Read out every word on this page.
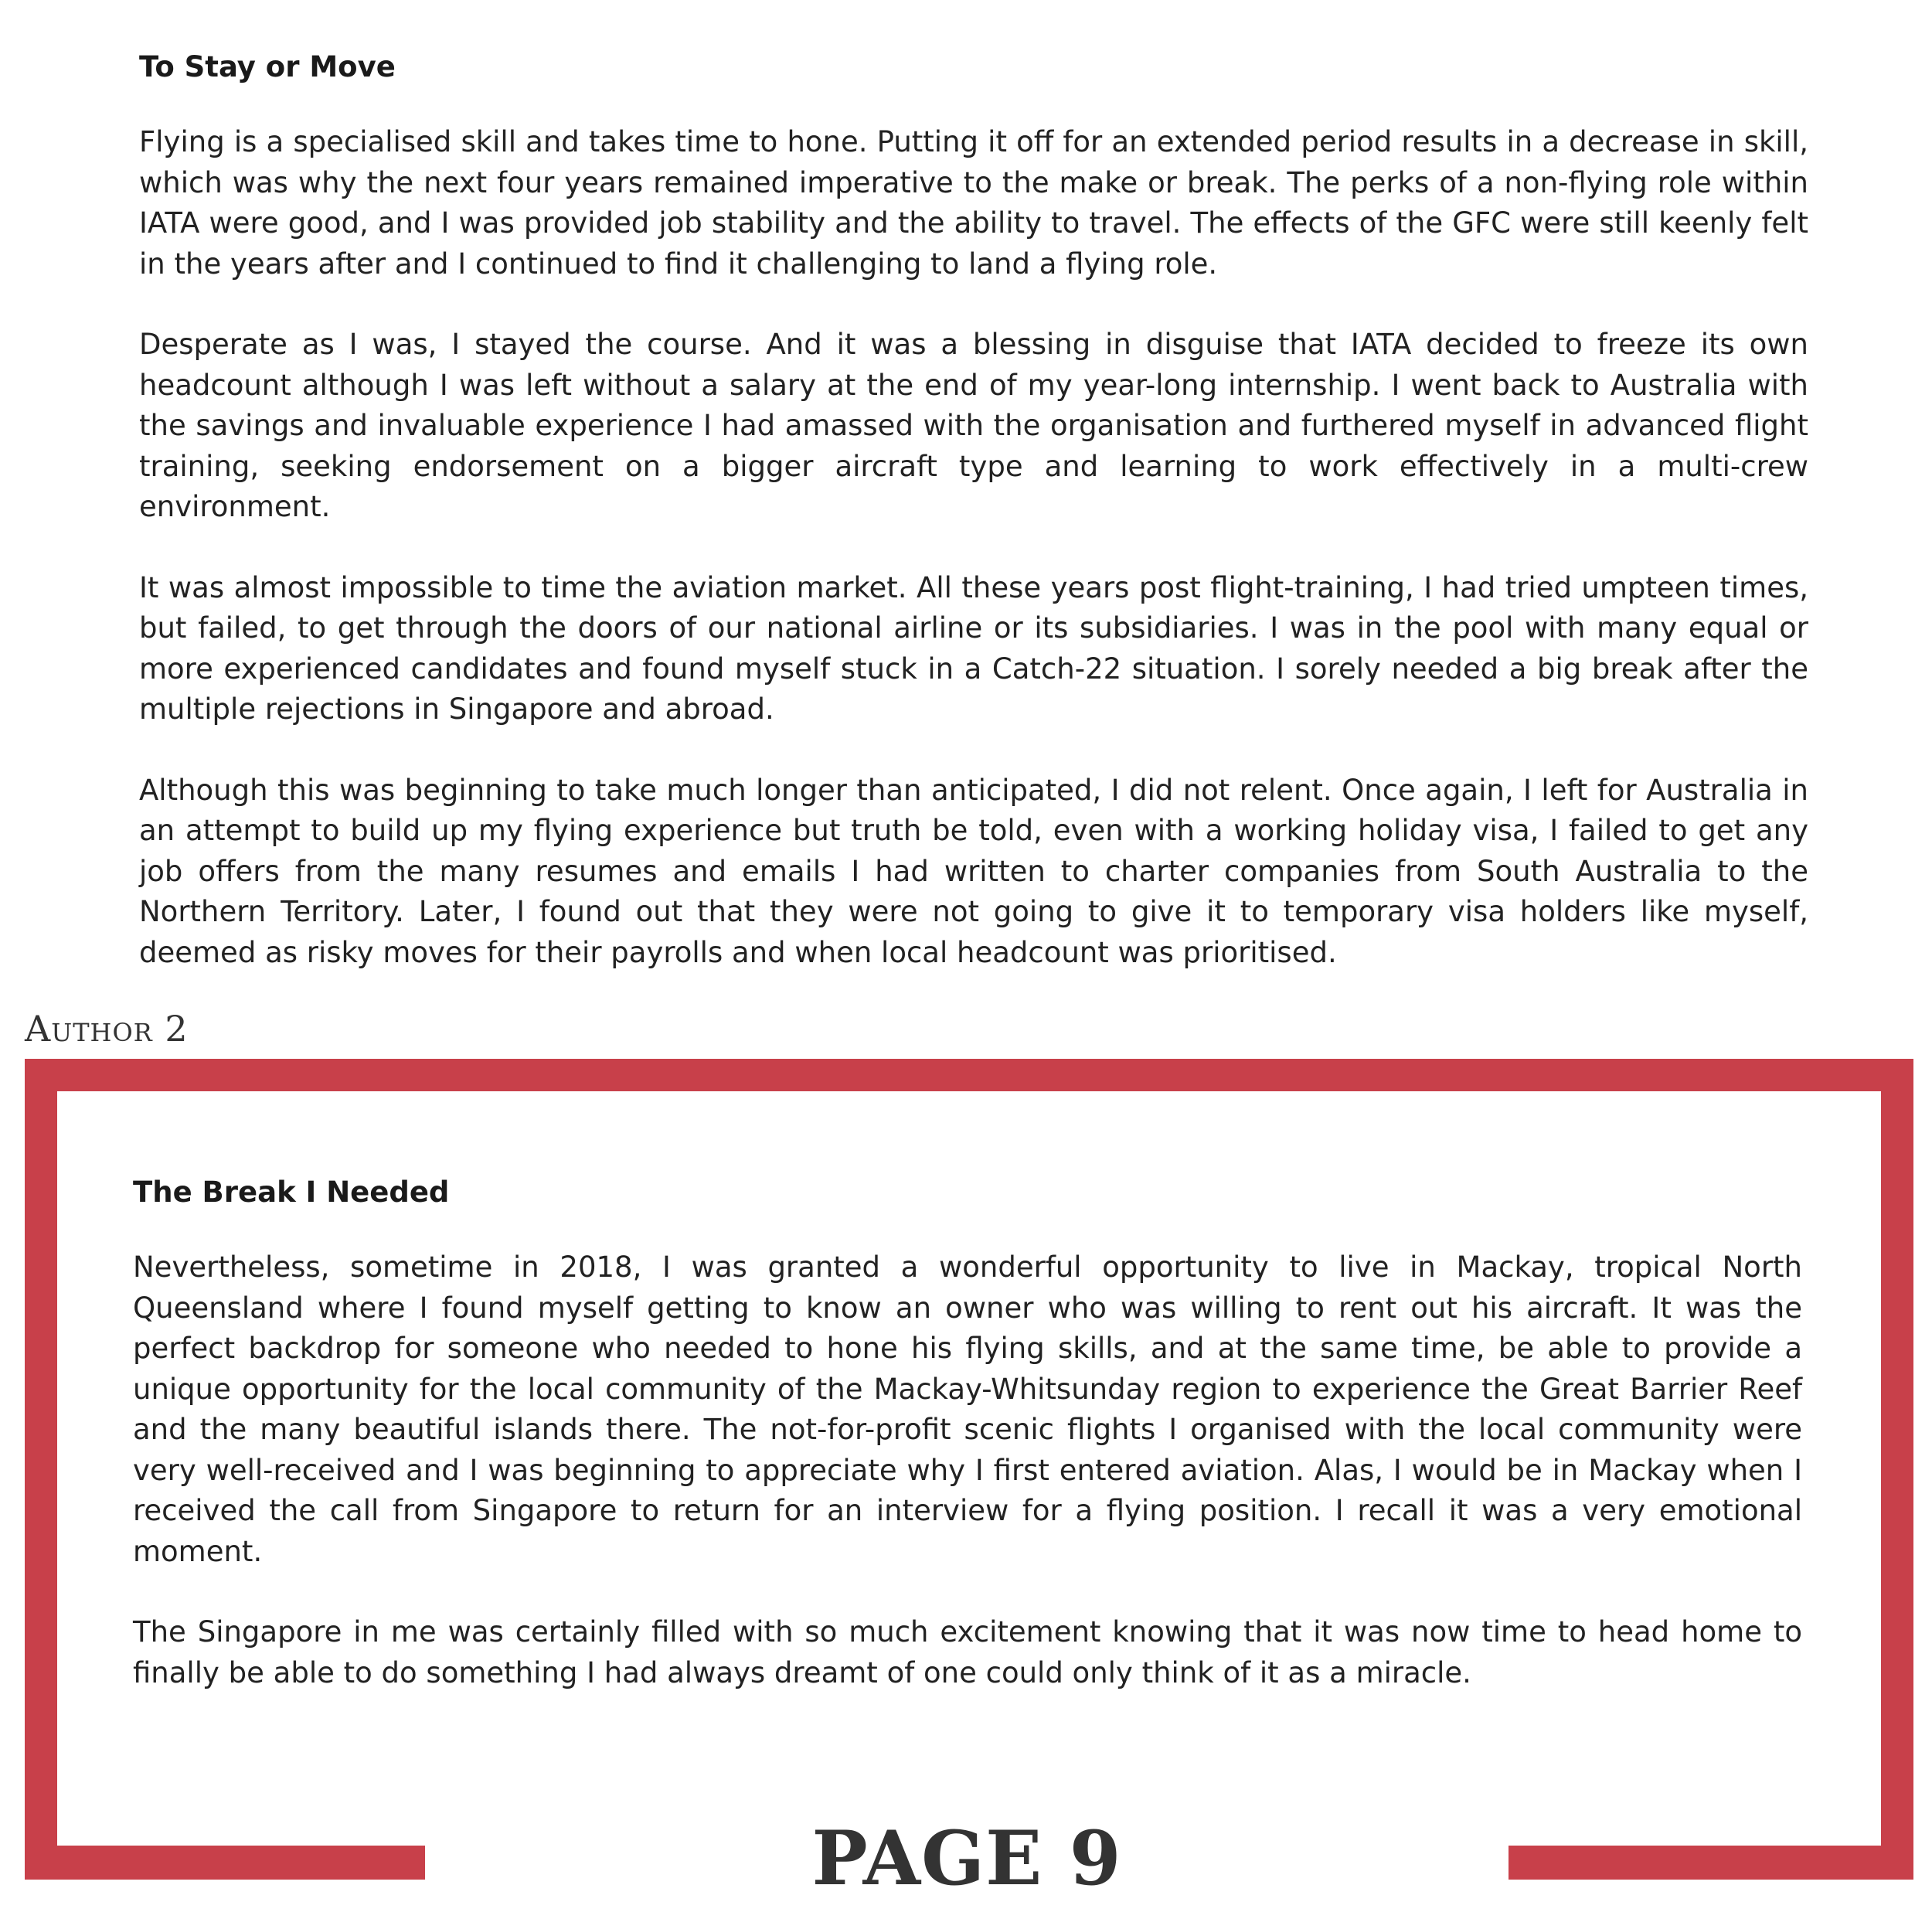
To Stay or Move

Flying is a specialised skill and takes time to hone. Putting it off for an extended period results in a decrease in skill, which was why the next four years remained imperative to the make or break. The perks of a non-flying role within IATA were good, and I was provided job stability and the ability to travel. The effects of the GFC were still keenly felt in the years after and I continued to find it challenging to land a flying role.

Desperate as I was, I stayed the course. And it was a blessing in disguise that IATA decided to freeze its own headcount although I was left without a salary at the end of my year-long internship. I went back to Australia with the savings and invaluable experience I had amassed with the organisation and furthered myself in advanced flight training, seeking endorsement on a bigger aircraft type and learning to work effectively in a multi-crew environment.

It was almost impossible to time the aviation market. All these years post flight-training, I had tried umpteen times, but failed, to get through the doors of our national airline or its subsidiaries. I was in the pool with many equal or more experienced candidates and found myself stuck in a Catch-22 situation. I sorely needed a big break after the multiple rejections in Singapore and abroad.

Although this was beginning to take much longer than anticipated, I did not relent. Once again, I left for Australia in an attempt to build up my flying experience but truth be told, even with a working holiday visa, I failed to get any job offers from the many resumes and emails I had written to charter companies from South Australia to the Northern Territory. Later, I found out that they were not going to give it to temporary visa holders like myself, deemed as risky moves for their payrolls and when local headcount was prioritised.

Author 2
The Break I Needed

Nevertheless, sometime in 2018, I was granted a wonderful opportunity to live in Mackay, tropical North Queensland where I found myself getting to know an owner who was willing to rent out his aircraft. It was the perfect backdrop for someone who needed to hone his flying skills, and at the same time, be able to provide a unique opportunity for the local community of the Mackay-Whitsunday region to experience the Great Barrier Reef and the many beautiful islands there. The not-for-profit scenic flights I organised with the local community were very well-received and I was beginning to appreciate why I first entered aviation. Alas, I would be in Mackay when I received the call from Singapore to return for an interview for a flying position. I recall it was a very emotional moment.

The Singapore in me was certainly filled with so much excitement knowing that it was now time to head home to finally be able to do something I had always dreamt of one could only think of it as a miracle.

PAGE 9
